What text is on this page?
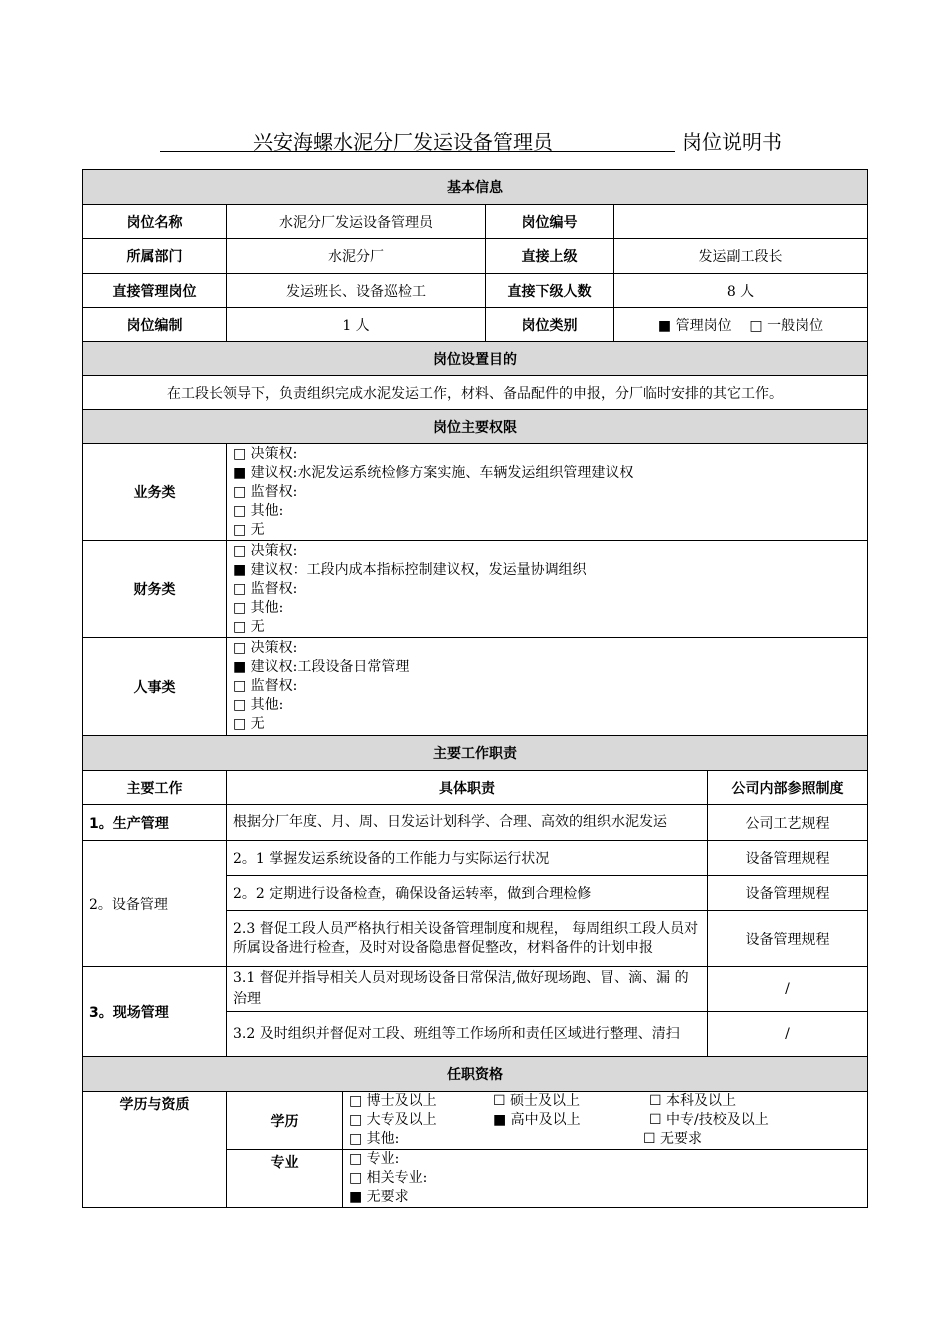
兴安海螺水泥分厂发运设备管理员	岗位说明书
基本信息					
岗位名称	水泥分厂发运设备管理员		岗位编号		
所属部门	水泥分厂		直接上级	发运副工段长	
直接管理岗位	发运班长、设备巡检工		直接下级人数	8 人	
岗位编制	1 人		岗位类别	■ 管理岗位    □ 一般岗位	
岗位设置目的					
在工段长领导下，负责组织完成水泥发运工作，材料、备品配件的申报，分厂临时安排的其它工作。					
岗位主要权限					
业务类	□ 决策权:
■ 建议权:水泥发运系统检修方案实施、车辆发运组织管理建议权
□ 监督权:
□ 其他:
□ 无				

财务类	□ 决策权:
■ 建议权：工段内成本指标控制建议权，发运量协调组织
□ 监督权:
□ 其他:
□ 无				

人事类	□ 决策权:
■ 建议权:工段设备日常管理
□ 监督权:
□ 其他:
□ 无				

主要工作职责					
主要工作	具体职责				公司内部参照制度
1。生产管理	根据分厂年度、月、周、日发运计划科学、合理、高效的组织水泥发运				公司工艺规程
2。设备管理	2。1 掌握发运系统设备的工作能力与实际运行状况				设备管理规程
	2。2 定期进行设备检查，确保设备运转率，做到合理检修				设备管理规程
	2.3 督促工段人员严格执行相关设备管理制度和规程， 每周组织工段人员对所属设备进行检查，及时对设备隐患督促整改，材料备件的计划申报				设备管理规程
3。现场管理	3.1 督促并指导相关人员对现场设备日常保洁,做好现场跑、冒、滴、漏 的治理				/
	3.2 及时组织并督促对工段、班组等工作场所和责任区域进行整理、清扫				/
任职资格					
学历与资质	学历	□ 博士及以上 ☐ 硕士及以上 ☐ 本科及以上
□ 大专及以上 ■ 高中及以上 ☐ 中专/技校及以上
□ 其他: ☐ 无要求			

	专业	□ 专业:
□ 相关专业:
■ 无要求			
